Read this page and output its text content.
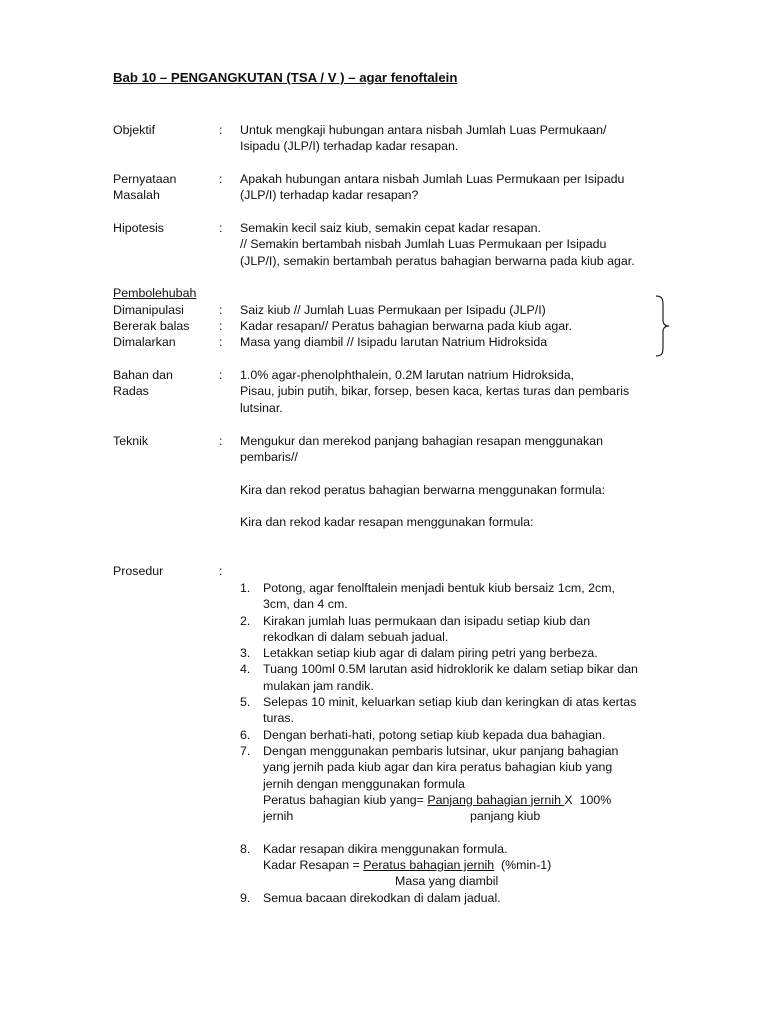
Bab 10 – PENGANGKUTAN (TSA / V ) – agar fenoftalein
Objektif	: Untuk mengkaji hubungan antara nisbah Jumlah Luas Permukaan/
Isipadu (JLP/I) terhadap kadar resapan.
Pernyataan
Masalah
: Apakah hubungan antara nisbah Jumlah Luas Permukaan per Isipadu
(JLP/I) terhadap kadar resapan?
Hipotesis	: Semakin kecil saiz kiub, semakin cepat kadar resapan.
// Semakin bertambah nisbah Jumlah Luas Permukaan per Isipadu
(JLP/I), semakin bertambah peratus bahagian berwarna pada kiub agar.
Pembolehubah
Dimanipulasi	: Saiz kiub // Jumlah Luas Permukaan per Isipadu (JLP/I)
Bererak balas	: Kadar resapan// Peratus bahagian berwarna pada kiub agar.
Dimalarkan	: Masa yang diambil // Isipadu larutan Natrium Hidroksida
Bahan dan
Radas
: 1.0% agar-phenolphthalein, 0.2M larutan natrium Hidroksida,
Pisau, jubin putih, bikar, forsep, besen kaca, kertas turas dan pembaris
lutsinar.
Teknik	: Mengukur dan merekod panjang bahagian resapan menggunakan
pembaris//
Kira dan rekod peratus bahagian berwarna menggunakan formula:
Kira dan rekod kadar resapan menggunakan formula:
Prosedur	:
1. Potong, agar fenolftalein menjadi bentuk kiub bersaiz 1cm, 2cm,
3cm, dan 4 cm.
2. Kirakan jumlah luas permukaan dan isipadu setiap kiub dan
rekodkan di dalam sebuah jadual.
3. Letakkan setiap kiub agar di dalam piring petri yang berbeza.
4. Tuang 100ml 0.5M larutan asid hidroklorik ke dalam setiap bikar dan
mulakan jam randik.
5. Selepas 10 minit, keluarkan setiap kiub dan keringkan di atas kertas
turas.
6. Dengan berhati-hati, potong setiap kiub kepada dua bahagian.
7. Dengan menggunakan pembaris lutsinar, ukur panjang bahagian
yang jernih pada kiub agar dan kira peratus bahagian kiub yang
jernih dengan menggunakan formula
Peratus bahagian kiub yang= Panjang bahagian jernih X  100%
jernih	panjang kiub
8. Kadar resapan dikira menggunakan formula.
Kadar Resapan = Peratus bahagian jernih  (%min-1)
Masa yang diambil
9. Semua bacaan direkodkan di dalam jadual.
